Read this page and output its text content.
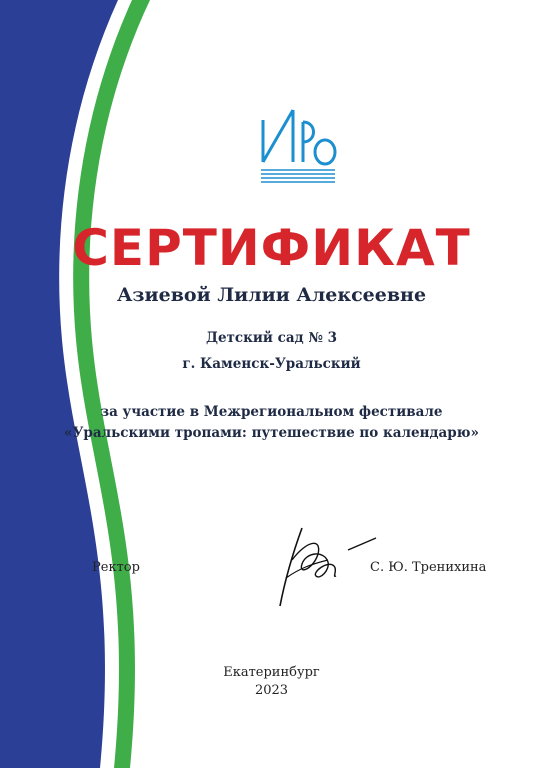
СЕРТИФИКАТ
Азиевой Лилии Алексеевне
Детский сад № 3
г. Каменск-Уральский
за участие в Межрегиональном фестивале
«Уральскими тропами: путешествие по календарю»
Ректор	С. Ю. Тренихина
Екатеринбург
2023
